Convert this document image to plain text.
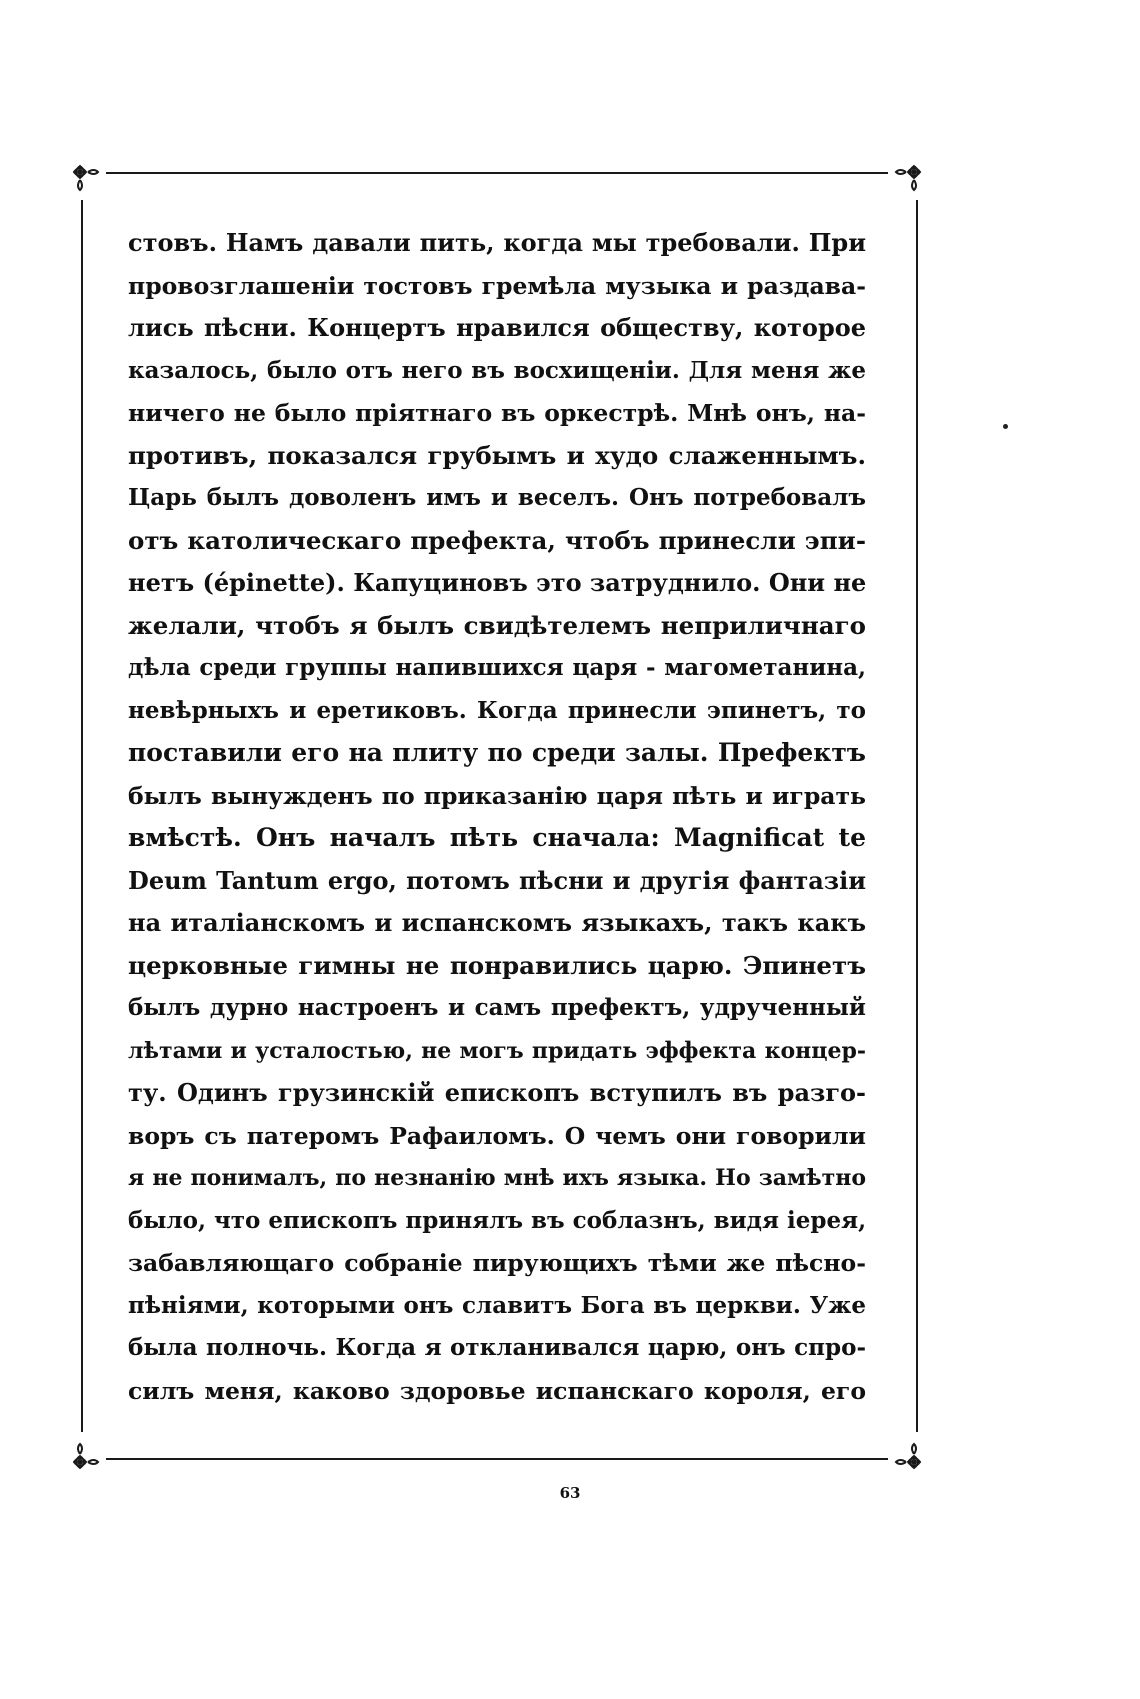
стовъ. Намъ давали пить, когда мы требовали. При
провозглашеніи тостовъ гремѣла музыка и раздава-
лись пѣсни. Концертъ нравился обществу, которое
казалось, было отъ него въ восхищеніи. Для меня же
ничего не было пріятнаго въ оркестрѣ. Мнѣ онъ, на-
противъ, показался грубымъ и худо слаженнымъ.
Царь былъ доволенъ имъ и веселъ. Онъ потребовалъ
отъ католическаго префекта, чтобъ принесли эпи-
нетъ (épinette). Капуциновъ это затруднило. Они не
желали, чтобъ я былъ свидѣтелемъ неприличнаго
дѣла среди группы напившихся царя - магометанина,
невѣрныхъ и еретиковъ. Когда принесли эпинетъ, то
поставили его на плиту по среди залы. Префектъ
былъ вынужденъ по приказанію царя пѣть и играть
вмѣстѣ. Онъ началъ пѣть сначала: Magnificat te
Deum Tantum ergo, потомъ пѣсни и другія фантазіи
на италіанскомъ и испанскомъ языкахъ, такъ какъ
церковные гимны не понравились царю. Эпинетъ
былъ дурно настроенъ и самъ префектъ, удрученный
лѣтами и усталостью, не могъ придать эффекта концер-
ту. Одинъ грузинскій епископъ вступилъ въ разго-
воръ съ патеромъ Рафаиломъ. О чемъ они говорили
я не понималъ, по незнанію мнѣ ихъ языка. Но замѣтно
было, что епископъ принялъ въ соблазнъ, видя іерея,
забавляющаго собраніе пирующихъ тѣми же пѣсно-
пѣніями, которыми онъ славитъ Бога въ церкви. Уже
была полночь. Когда я откланивался царю, онъ спро-
силъ меня, каково здоровье испанскаго короля, его
63
